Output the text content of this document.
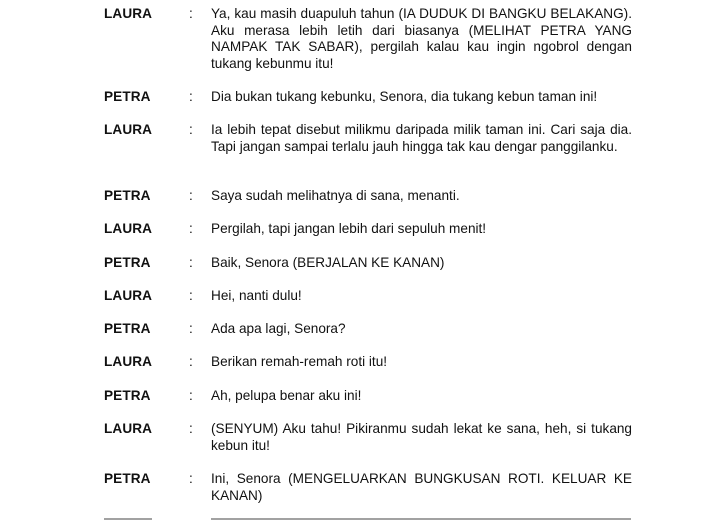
LAURA	:	Ya, kau masih duapuluh tahun (IA DUDUK DI BANGKU BELAKANG). Aku merasa lebih letih dari biasanya (MELIHAT PETRA YANG NAMPAK TAK SABAR), pergilah kalau kau ingin ngobrol dengan tukang kebunmu itu!
PETRA	:	Dia bukan tukang kebunku, Senora, dia tukang kebun taman ini!
LAURA	:	Ia lebih tepat disebut milikmu daripada milik taman ini. Cari saja dia. Tapi jangan sampai terlalu jauh hingga tak kau dengar panggilanku.
PETRA	:	Saya sudah melihatnya di sana, menanti.
LAURA	:	Pergilah, tapi jangan lebih dari sepuluh menit!
PETRA	:	Baik, Senora (BERJALAN KE KANAN)
LAURA	:	Hei, nanti dulu!
PETRA	:	Ada apa lagi, Senora?
LAURA	:	Berikan remah-remah roti itu!
PETRA	:	Ah, pelupa benar aku ini!
LAURA	:	(SENYUM) Aku tahu! Pikiranmu sudah lekat ke sana, heh, si tukang kebun itu!
PETRA	:	Ini, Senora (MENGELUARKAN BUNGKUSAN ROTI. KELUAR KE KANAN)
